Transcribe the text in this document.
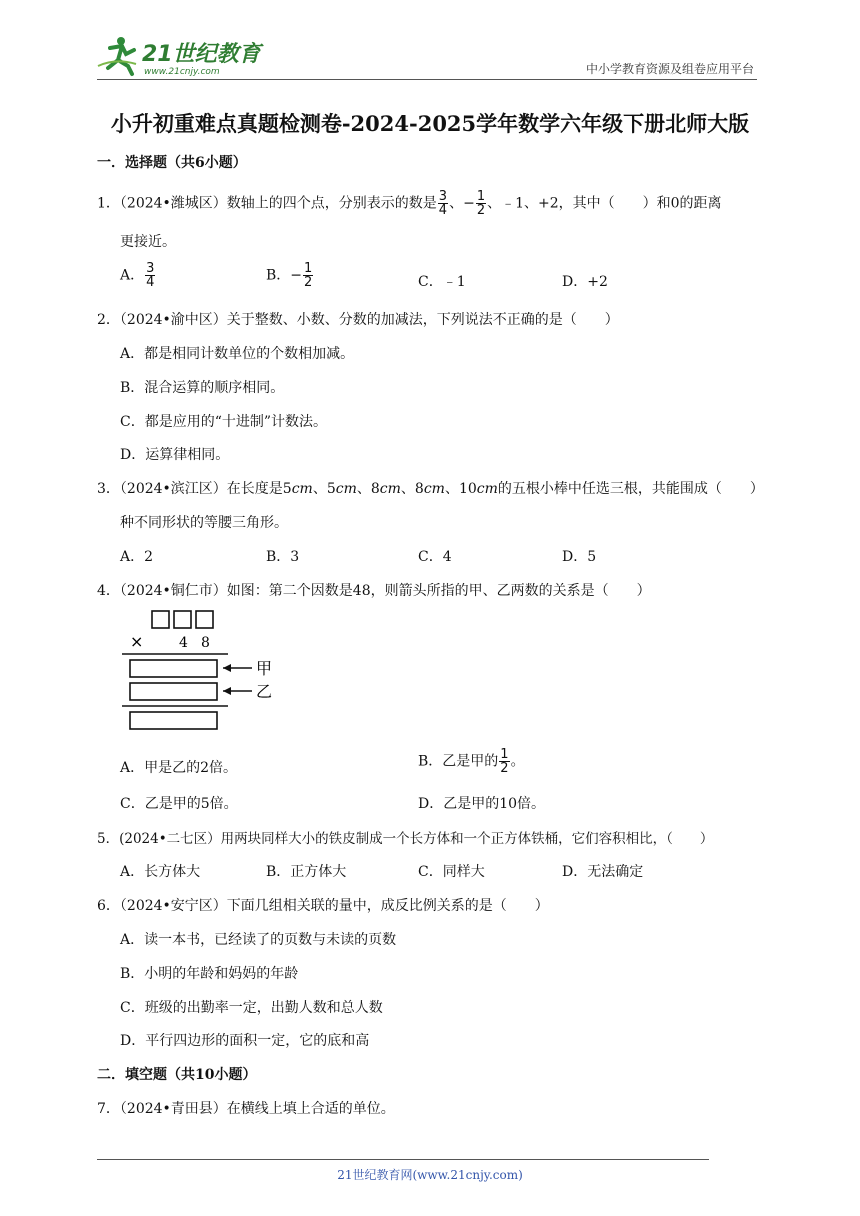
21世纪教育
www.21cnjy.com	中小学教育资源及组卷应用平台
小升初重难点真题检测卷-2024-2025学年数学六年级下册北师大版
一．选择题（共6小题）
1．（2024•潍城区）数轴上的四个点，分别表示的数是 $\frac{3}{4}$ 、− $\frac{1}{2}$ 、﹣1、+2，其中（　　）和0的距离
更接近。
A． $\frac{3}{4}$	B．− $\frac{1}{2}$	C．﹣1	D．+2
2．（2024•渝中区）关于整数、小数、分数的加减法，下列说法不正确的是（　　）
A．都是相同计数单位的个数相加减。
B．混合运算的顺序相同。
C．都是应用的“十进制”计数法。
D．运算律相同。
3．（2024•滨江区）在长度是5cm、5cm、8cm、8cm、10cm的五根小棒中任选三根，共能围成（　　）
种不同形状的等腰三角形。
A．2	B．3	C．4	D．5
4．（2024•铜仁市）如图：第二个因数是48，则箭头所指的甲、乙两数的关系是（　　）
×	4 8
甲
乙
A．甲是乙的2倍。	B．乙是甲的 $\frac{1}{2}$ 。
C．乙是甲的5倍。	D．乙是甲的10倍。
5．(2024•二七区）用两块同样大小的铁皮制成一个长方体和一个正方体铁桶，它们容积相比，（　　）
A．长方体大	B．正方体大	C．同样大	D．无法确定
6．（2024•安宁区）下面几组相关联的量中，成反比例关系的是（　　）
A．读一本书，已经读了的页数与未读的页数
B．小明的年龄和妈妈的年龄
C．班级的出勤率一定，出勤人数和总人数
D．平行四边形的面积一定，它的底和高
二．填空题（共10小题）
7．（2024•青田县）在横线上填上合适的单位。
21世纪教育网(www.21cnjy.com)
